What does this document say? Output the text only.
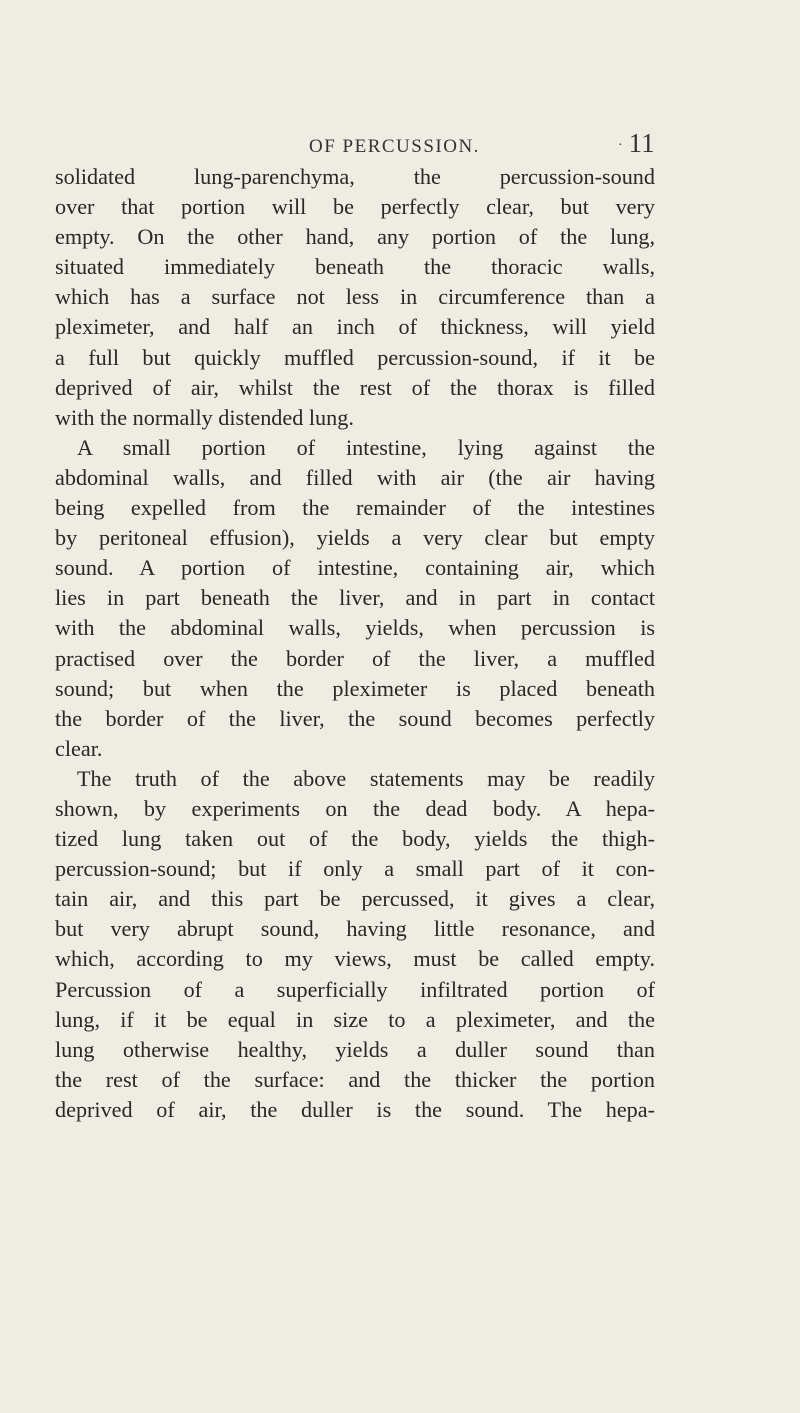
OF PERCUSSION.	· 11
solidated lung-parenchyma, the percussion-sound
over that portion will be perfectly clear, but very
empty. On the other hand, any portion of the lung,
situated immediately beneath the thoracic walls,
which has a surface not less in circumference than a
pleximeter, and half an inch of thickness, will yield
a full but quickly muffled percussion-sound, if it be
deprived of air, whilst the rest of the thorax is filled
with the normally distended lung.
A small portion of intestine, lying against the
abdominal walls, and filled with air (the air having
being expelled from the remainder of the intestines
by peritoneal effusion), yields a very clear but empty
sound. A portion of intestine, containing air, which
lies in part beneath the liver, and in part in contact
with the abdominal walls, yields, when percussion is
practised over the border of the liver, a muffled
sound; but when the pleximeter is placed beneath
the border of the liver, the sound becomes perfectly
clear.
The truth of the above statements may be readily
shown, by experiments on the dead body. A hepa-
tized lung taken out of the body, yields the thigh-
percussion-sound; but if only a small part of it con-
tain air, and this part be percussed, it gives a clear,
but very abrupt sound, having little resonance, and
which, according to my views, must be called empty.
Percussion of a superficially infiltrated portion of
lung, if it be equal in size to a pleximeter, and the
lung otherwise healthy, yields a duller sound than
the rest of the surface: and the thicker the portion
deprived of air, the duller is the sound. The hepa-
